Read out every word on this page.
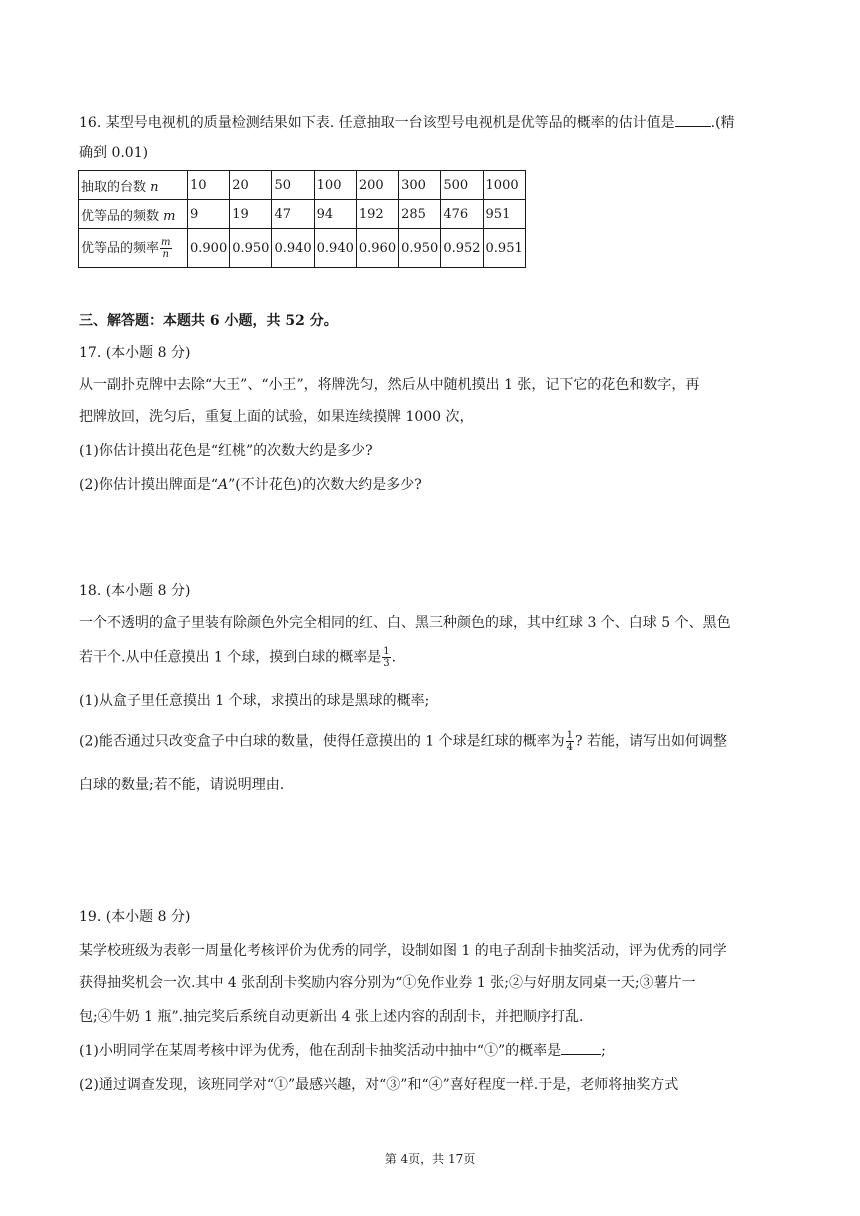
16. 某型号电视机的质量检测结果如下表. 任意抽取一台该型号电视机是优等品的概率的估计值是	.(精
确到 0.01)
抽取的台数 n	10	20	50	100	200	300	500	1000
优等品的频数 m	9	19	47	94	192	285	476	951
优等品的频率 $\frac{m}{n}$	0.900	0.950	0.940	0.940	0.960	0.950	0.952	0.951
三、解答题：本题共 6 小题，共 52 分。
17. (本小题 8 分)
从一副扑克牌中去除“大王”、“小王”，将牌洗匀，然后从中随机摸出 1 张，记下它的花色和数字，再
把牌放回，洗匀后，重复上面的试验，如果连续摸牌 1000 次，
(1)你估计摸出花色是“红桃”的次数大约是多少?
(2)你估计摸出牌面是“A”(不计花色)的次数大约是多少?
18. (本小题 8 分)
一个不透明的盒子里装有除颜色外完全相同的红、白、黑三种颜色的球，其中红球 3 个、白球 5 个、黑色
若干个.从中任意摸出 1 个球，摸到白球的概率是 $\frac{1}{3}$ .
(1)从盒子里任意摸出 1 个球，求摸出的球是黑球的概率;
(2)能否通过只改变盒子中白球的数量，使得任意摸出的 1 个球是红球的概率为 $\frac{1}{4}$ ? 若能，请写出如何调整
白球的数量;若不能，请说明理由.
19. (本小题 8 分)
某学校班级为表彰一周量化考核评价为优秀的同学，设制如图 1 的电子刮刮卡抽奖活动，评为优秀的同学
获得抽奖机会一次.其中 4 张刮刮卡奖励内容分别为“①免作业券 1 张;②与好朋友同桌一天;③薯片一
包;④牛奶 1 瓶”.抽完奖后系统自动更新出 4 张上述内容的刮刮卡，并把顺序打乱.
(1)小明同学在某周考核中评为优秀，他在刮刮卡抽奖活动中抽中“①”的概率是	;
(2)通过调查发现，该班同学对“①”最感兴趣，对“③”和“④”喜好程度一样.于是，老师将抽奖方式
第 4页，共 17页
